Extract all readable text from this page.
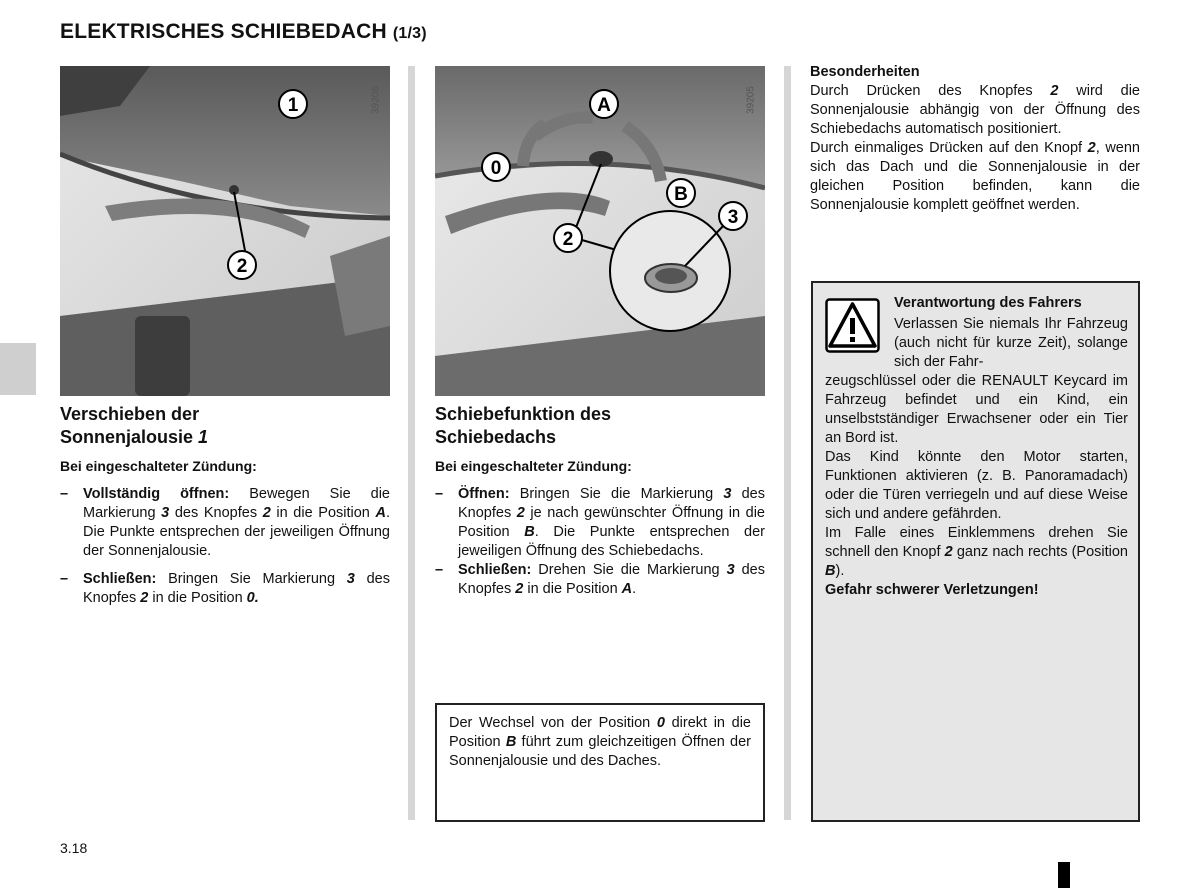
ELEKTRISCHES SCHIEBEDACH (1/3)
1
2
39206	A
0
B
3
2
39205
Verschieben der
Sonnenjalousie 1
Bei eingeschalteter Zündung:
– Vollständig öffnen: Bewegen Sie die Markierung 3 des Knopfes 2 in die Position A. Die Punkte entsprechen der jeweiligen Öffnung der Sonnenjalousie.
– Schließen: Bringen Sie Markierung 3 des Knopfes 2 in die Position 0.
Schiebefunktion des
Schiebedachs
Bei eingeschalteter Zündung:
– Öffnen: Bringen Sie die Markierung 3 des Knopfes 2 je nach gewünschter Öffnung in die Position B. Die Punkte entsprechen der jeweiligen Öffnung des Schiebedachs.
– Schließen: Drehen Sie die Markierung 3 des Knopfes 2 in die Position A.
Der Wechsel von der Position 0 direkt in die Position B führt zum gleichzeitigen Öffnen der Sonnenjalousie und des Daches.
Besonderheiten
Durch Drücken des Knopfes 2 wird die Sonnenjalousie abhängig von der Öffnung des Schiebedachs automatisch positioniert.
Durch einmaliges Drücken auf den Knopf 2, wenn sich das Dach und die Sonnenjalousie in der gleichen Position befinden, kann die Sonnenjalousie komplett geöffnet werden.
Verantwortung des Fahrers
Verlassen Sie niemals Ihr Fahrzeug (auch nicht für kurze Zeit), solange sich der Fahr-
zeugschlüssel oder die RENAULT Keycard im Fahrzeug befindet und ein Kind, ein unselbstständiger Erwachsener oder ein Tier an Bord ist.
Das Kind könnte den Motor starten, Funktionen aktivieren (z. B. Panoramadach) oder die Türen verriegeln und auf diese Weise sich und andere gefährden.
Im Falle eines Einklemmens drehen Sie schnell den Knopf 2 ganz nach rechts (Position B).
Gefahr schwerer Verletzungen!
3.18
